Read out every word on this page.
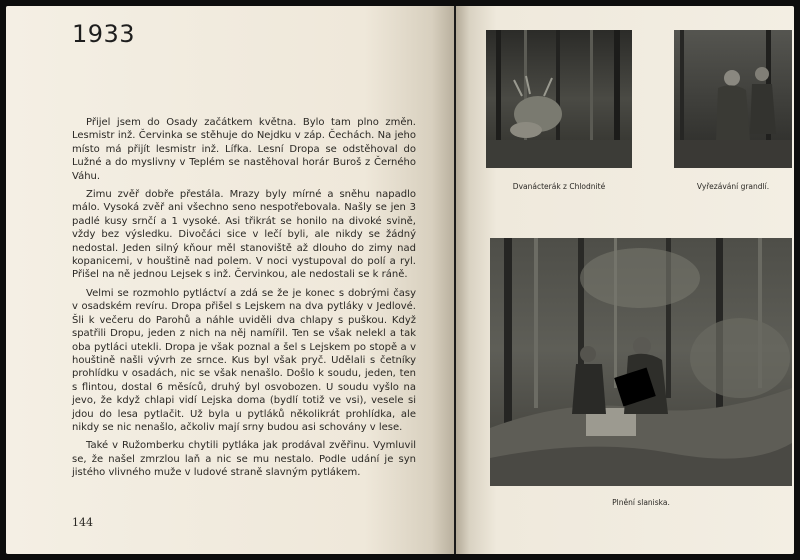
1933

Přijel jsem do Osady začátkem května. Bylo tam plno změn. Lesmistr inž. Červinka se stěhuje do Nejdku v záp. Čechách. Na jeho místo má přijít lesmistr inž. Lífka. Lesní Dropa se odstěhoval do Lužné a do myslivny v Teplém se nastěhoval horár Buroš z Černého Váhu.

Zimu zvěř dobře přestála. Mrazy byly mírné a sněhu napadlo málo. Vysoká zvěř ani všechno seno nespotřebovala. Našly se jen 3 padlé kusy srnčí a 1 vysoké. Asi třikrát se honilo na divoké svině, vždy bez výsledku. Divočáci sice v lečí byli, ale nikdy se žádný nedostal. Jeden silný kňour měl stanoviště až dlouho do zimy nad kopanicemi, v houštině nad polem. V noci vystupoval do polí a ryl. Přišel na ně jednou Lejsek s inž. Červinkou, ale nedostali se k ráně.

Velmi se rozmohlo pytláctví a zdá se že je konec s dobrými časy v osadském revíru. Dropa přišel s Lejskem na dva pytláky v Jedlové. Šli k večeru do Parohů a náhle uviděli dva chlapy s puškou. Když spatřili Dropu, jeden z nich na něj namířil. Ten se však nelekl a tak oba pytláci utekli. Dropa je však poznal a šel s Lejskem po stopě a v houštině našli vývrh ze srnce. Kus byl však pryč. Udělali s četníky prohlídku v osadách, nic se však nenašlo. Došlo k soudu, jeden, ten s flintou, dostal 6 měsíců, druhý byl osvobozen. U soudu vyšlo na jevo, že když chlapi vidí Lejska doma (bydlí totiž ve vsi), vesele si jdou do lesa pytlačit. Už byla u pytláků několikrát prohlídka, ale nikdy se nic nenašlo, ačkoliv mají srny budou asi schovány v lese.

Také v Ružomberku chytili pytláka jak prodával zvěřinu. Vymluvil se, že našel zmrzlou laň a nic se mu nestalo. Podle udání je syn jistého vlivného muže v ludové straně slavným pytlákem.

144
Dvanácterák z Chlodnité	Vyřezávání grandlí.
Plnění slaniska.
